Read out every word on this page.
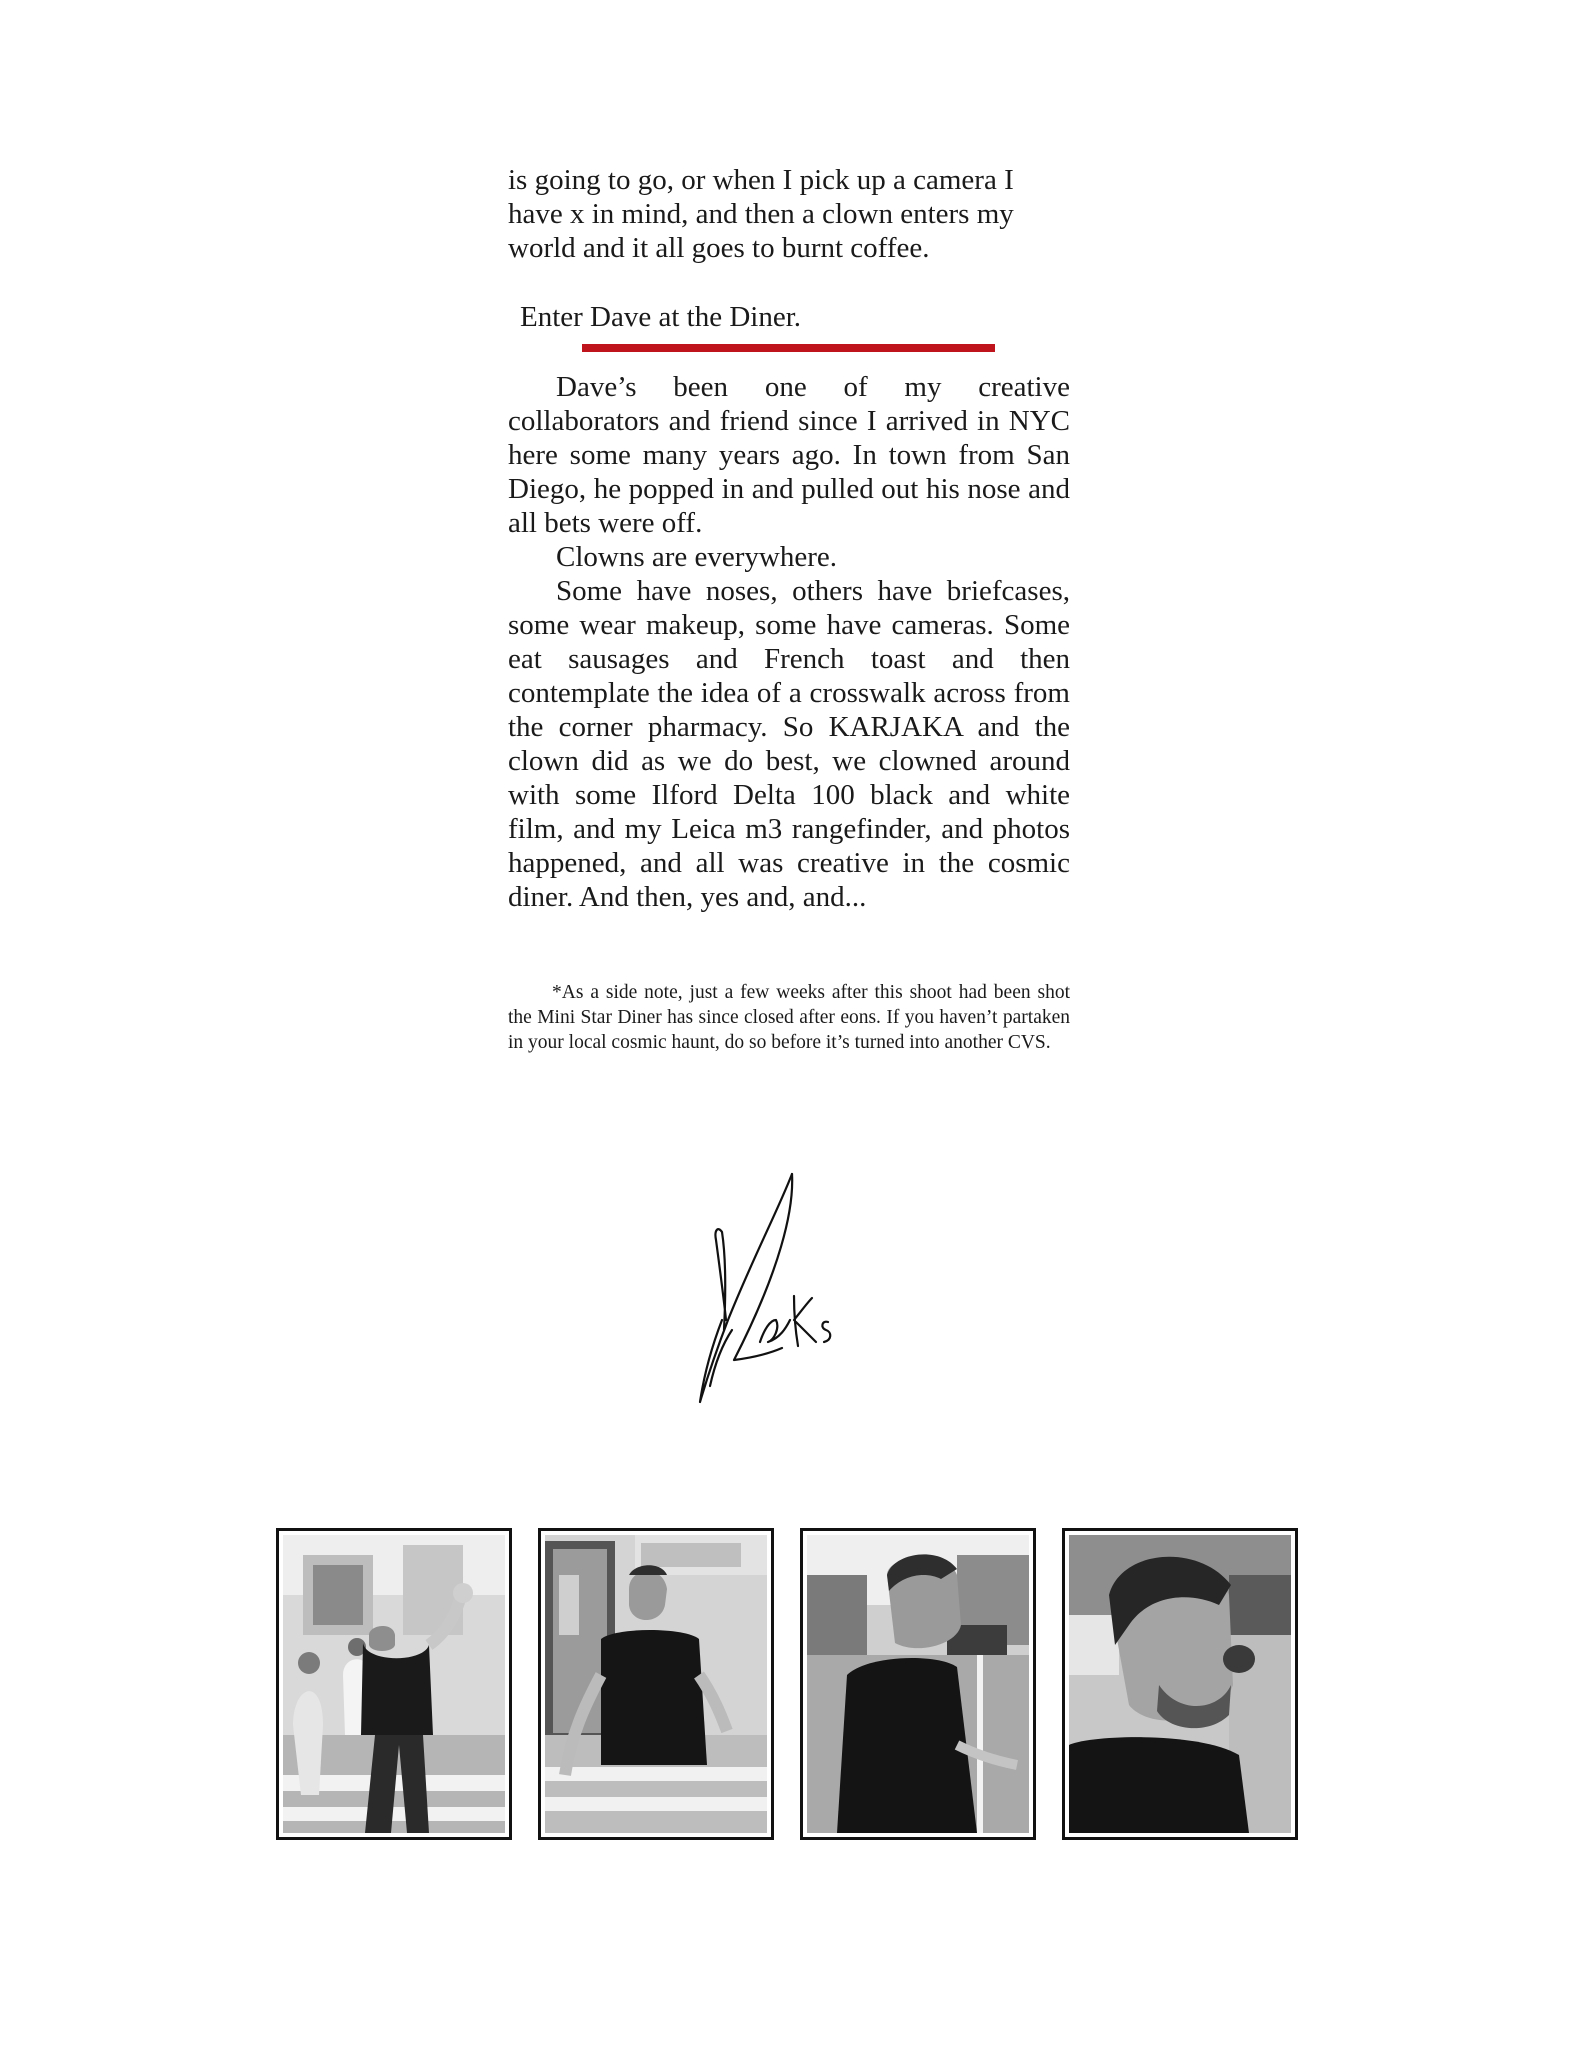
is going to go, or when I pick up a camera I have x in mind, and then a clown enters my world and it all goes to burnt coffee.

Enter Dave at the Diner.

Dave’s been one of my creative collaborators and friend since I arrived in NYC here some many years ago. In town from San Diego, he popped in and pulled out his nose and all bets were off.

Clowns are everywhere.

Some have noses, others have briefcases, some wear makeup, some have cameras. Some eat sausages and French toast and then contemplate the idea of a crosswalk across from the corner pharmacy. So KARJAKA and the clown did as we do best, we clowned around with some Ilford Delta 100 black and white film, and my Leica m3 rangefinder, and photos happened, and all was creative in the cosmic diner. And then, yes and, and...

*As a side note, just a few weeks after this shoot had been shot the Mini Star Diner has since closed after eons. If you haven’t partaken in your local cosmic haunt, do so before it’s turned into another CVS.
